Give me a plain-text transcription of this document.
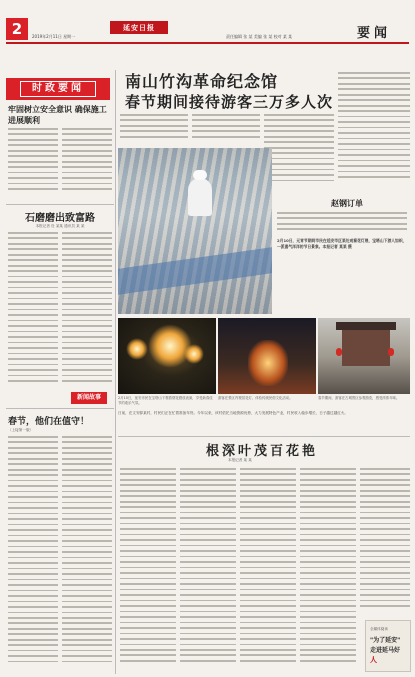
2	2019年2月11日 星期一
延安日报
责任编辑 张 某 美编 张 某 校对 某 某	要闻
时政要闻
牢固树立安全意识 确保施工进展顺利
石磨磨出致富路
本报记者 杜 某某 通讯员 某 某
新闻故事
春节，他们在值守！
（上接第一版）
南山竹沟革命纪念馆
春节期间接待游客三万多人次
赵钢订单
2月10日，元宵节期间市民在延安市区某处观看花灯展，宝塔山下游人如织，一派喜气洋洋的节日景象。本报记者 某某 摄
2月10日，延安市民在宝塔山下观看烟花燃放表演，享受新春佳节的欢乐气氛。
游客在景区内观赏花灯，体验传统民俗文化活动。	春节期间，游客在古城景区参观游览，感受浓浓年味。
日前，在文安驿某村，村民们正在忙着准备年货。今年以来，该村依托当地资源优势，大力发展特色产业，村民收入稳步增长，日子越过越红火。
根深叶茂百花艳
本报记者 某 某
全媒体阅读
"为了延安"
走进延马好
人
